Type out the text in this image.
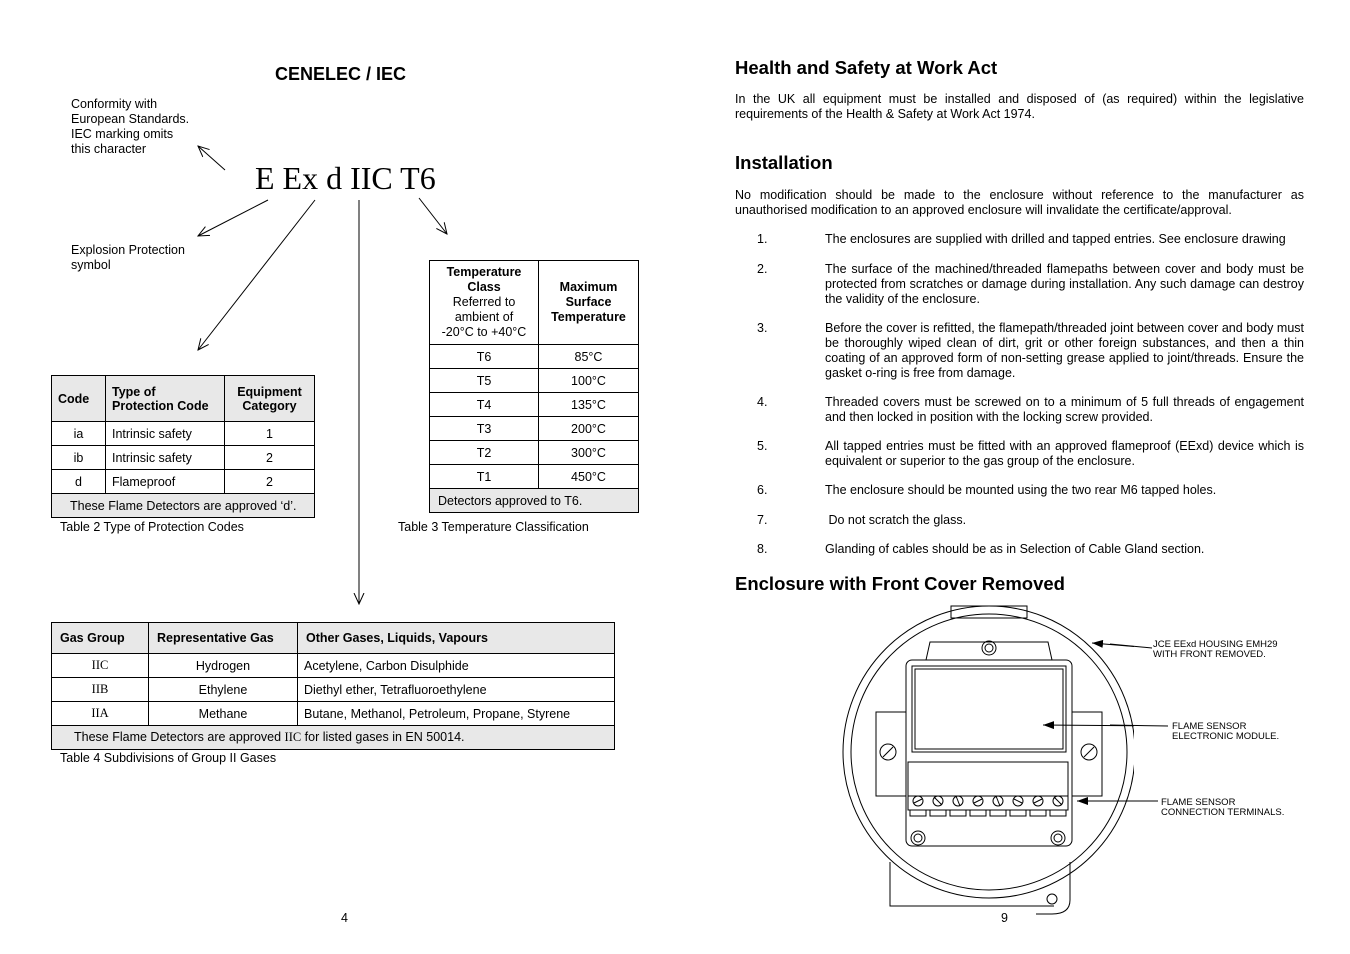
CENELEC / IEC
Conformity with
European Standards.
IEC marking omits
this character
E Ex d IIC T6
Explosion Protection
symbol
Code	Type of Protection Code	Equipment Category
ia	Intrinsic safety	1
ib	Intrinsic safety	2
d	Flameproof	2
These Flame Detectors are approved ‘d’.		
Table 2 Type of Protection Codes
Temperature Class
Referred to
ambient of
-20°C to +40°C	Maximum Surface Temperature
T6	85°C
T5	100°C
T4	135°C
T3	200°C
T2	300°C
T1	450°C
Detectors approved to T6.	
Table 3 Temperature Classification
Gas Group	Representative Gas	Other Gases, Liquids, Vapours
IIC	Hydrogen	Acetylene, Carbon Disulphide
IIB	Ethylene	Diethyl ether, Tetrafluoroethylene
IIA	Methane	Butane, Methanol, Petroleum, Propane, Styrene
These Flame Detectors are approved IIC for listed gases in EN 50014.		
Table 4 Subdivisions of Group II Gases
4
Health and Safety at Work Act
In the UK all equipment must be installed and disposed of (as required) within the legislative requirements of the Health & Safety at Work Act 1974.
Installation
No modification should be made to the enclosure without reference to the manufacturer as unauthorised modification to an approved enclosure will invalidate the certificate/approval.
1.	The enclosures are supplied with drilled and tapped entries. See enclosure drawing
2.	The surface of the machined/threaded flamepaths between cover and body must be protected from scratches or damage during installation. Any such damage can destroy the validity of the enclosure.
3.	Before the cover is refitted, the flamepath/threaded joint between cover and body must be thoroughly wiped clean of dirt, grit or other foreign substances, and then a thin coating of an approved form of non-setting grease applied to joint/threads. Ensure the gasket o-ring is free from damage.
4.	Threaded covers must be screwed on to a minimum of 5 full threads of engagement and then locked in position with the locking screw provided.
5.	All tapped entries must be fitted with an approved flameproof (EExd) device which is equivalent or superior to the gas group of the enclosure.
6.	The enclosure should be mounted using the two rear M6 tapped holes.
7.	Do not scratch the glass.
8.	Glanding of cables should be as in Selection of Cable Gland section.
Enclosure with Front Cover Removed
JCE EExd HOUSING EMH29
WITH FRONT REMOVED.
FLAME SENSOR
ELECTRONIC MODULE.
FLAME SENSOR
CONNECTION TERMINALS.
9
